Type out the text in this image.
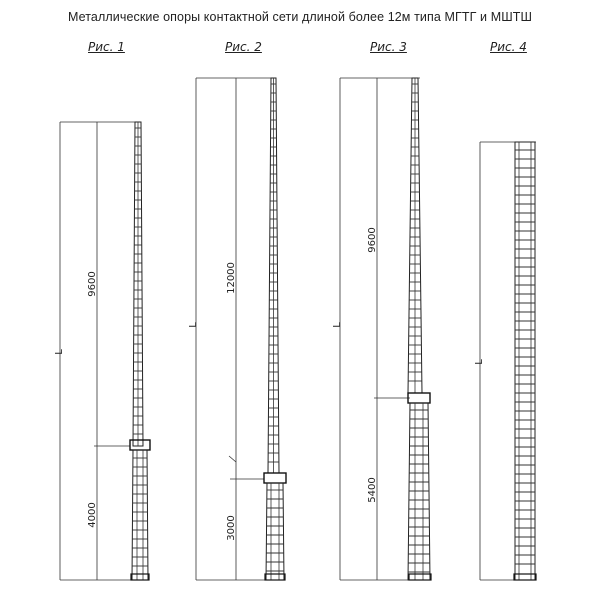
Металлические опоры контактной сети длиной более 12м типа МГТГ и МШТШ
Рис. 1	Рис. 2	Рис. 3	Рис. 4
L
9600
4000
L
12000
3000
L
9600
5400
L
